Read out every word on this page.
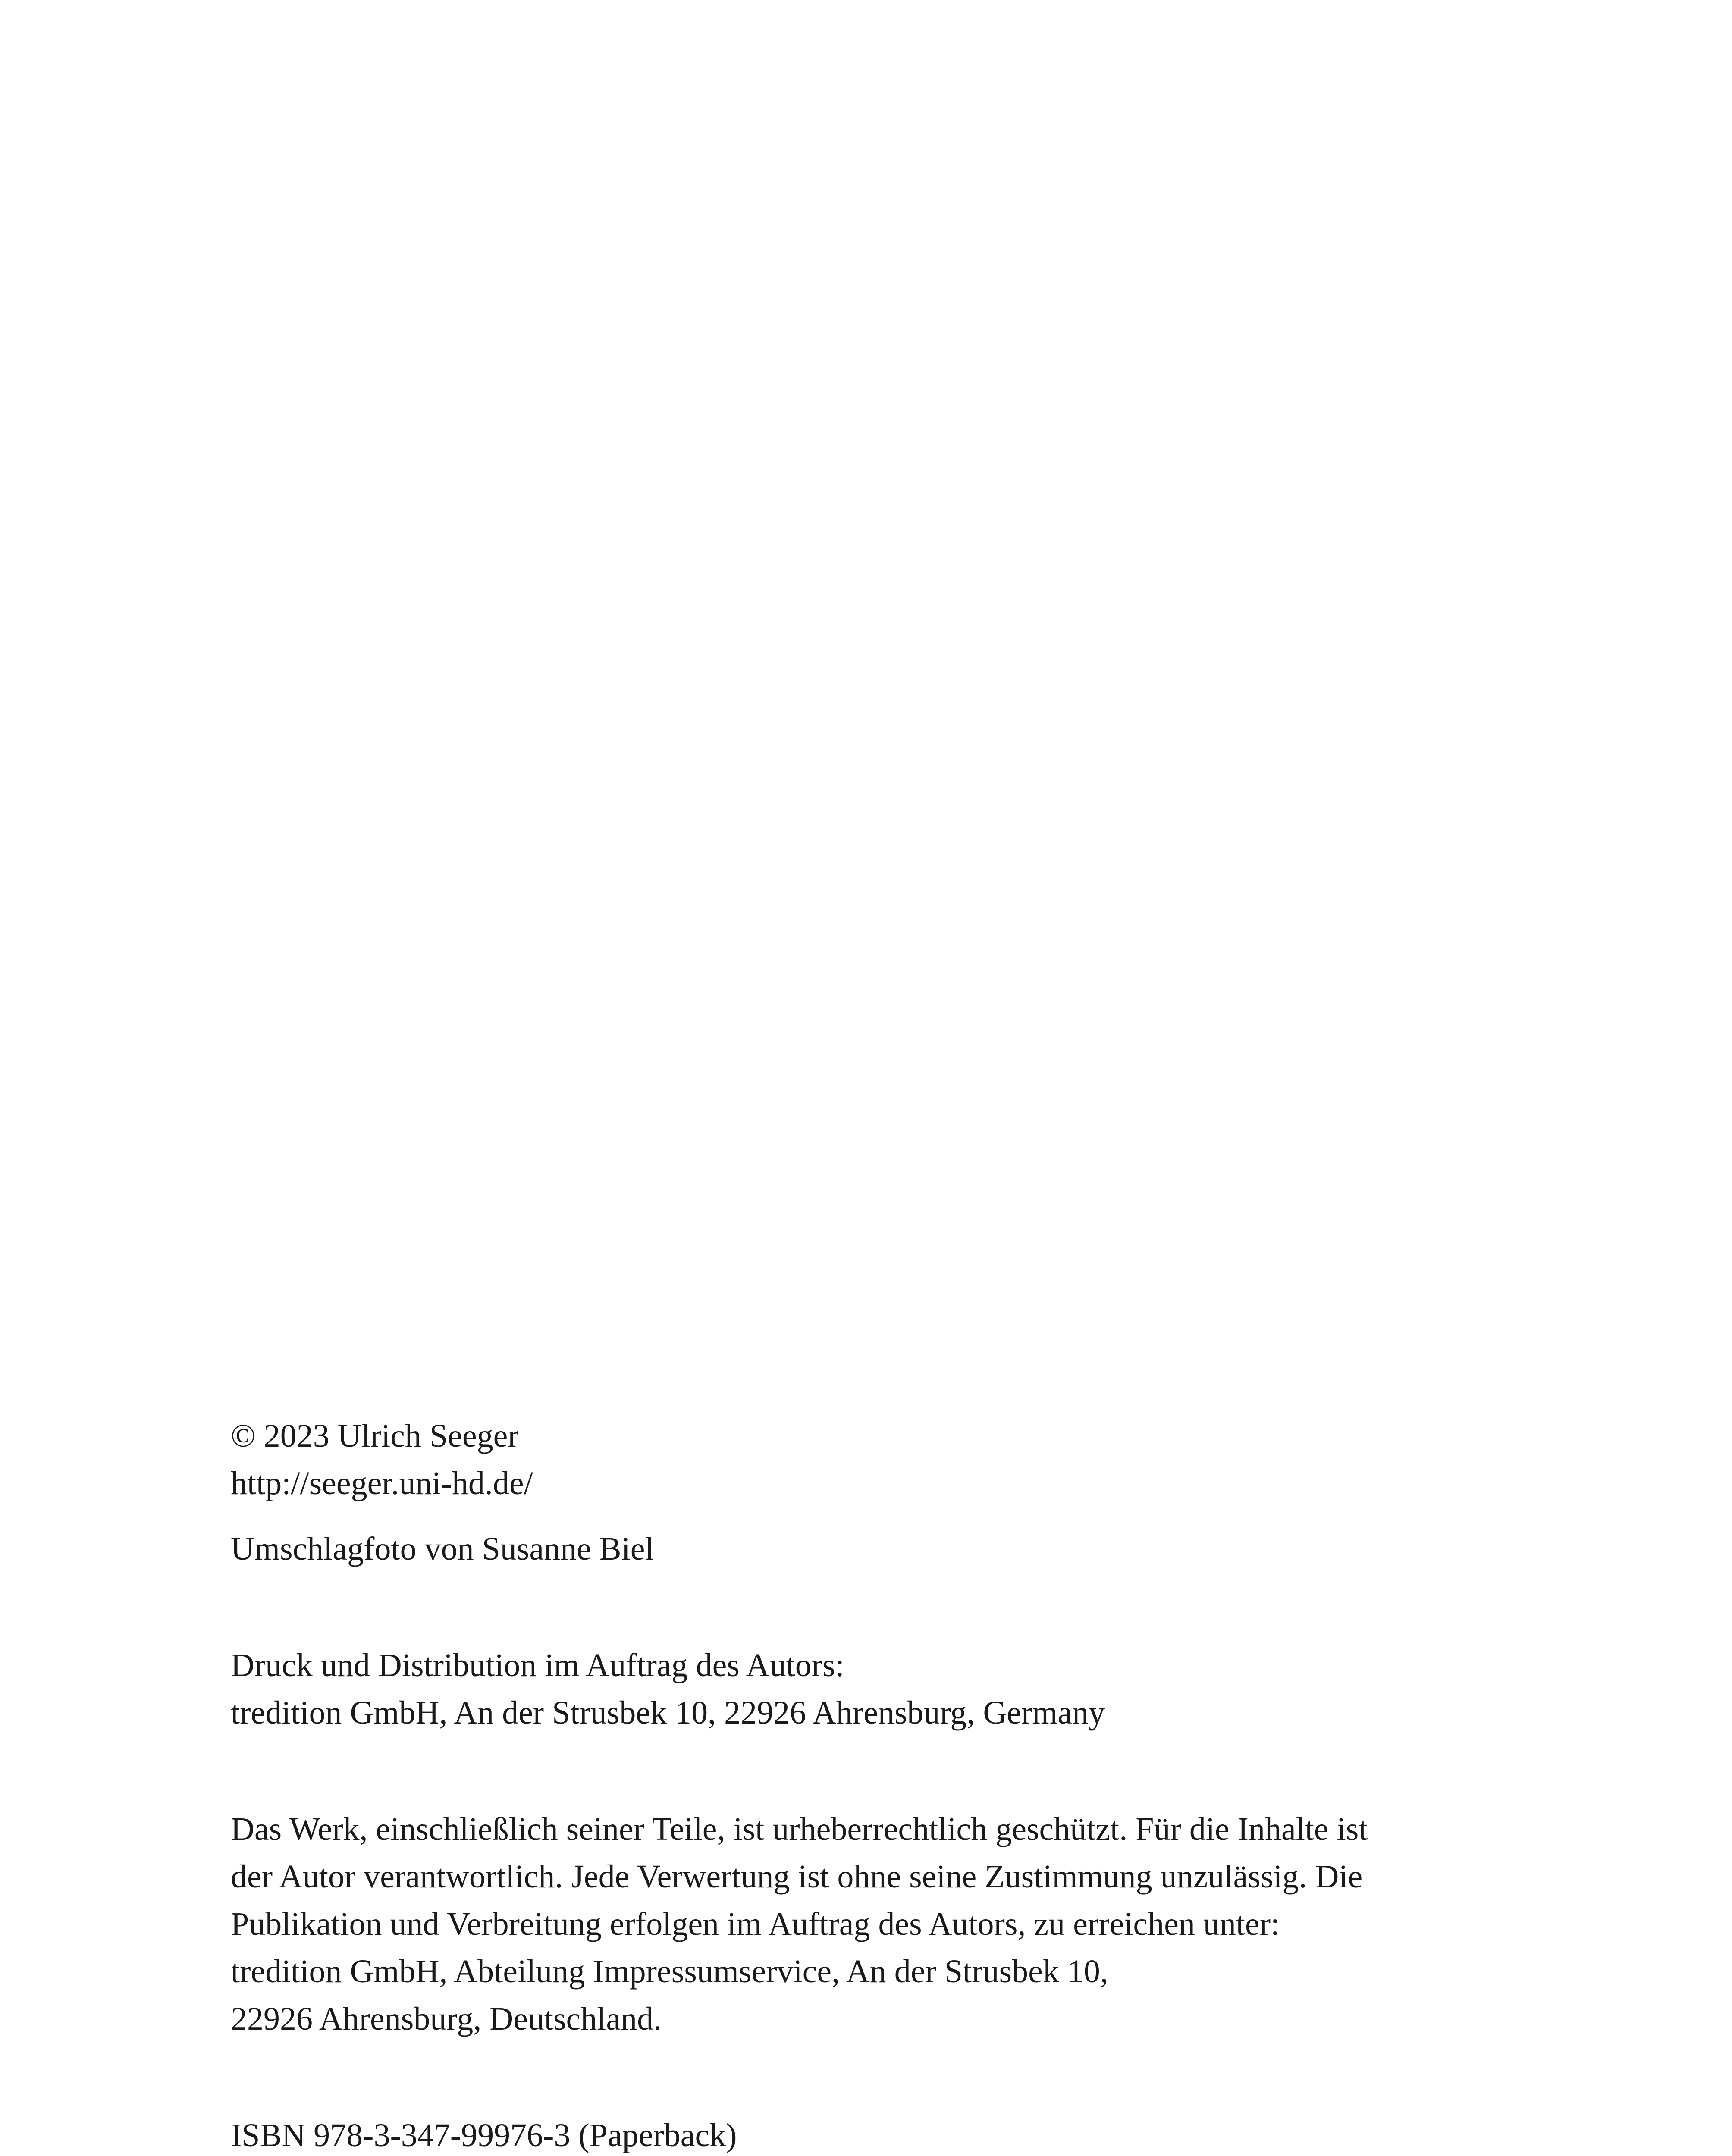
© 2023 Ulrich Seeger
http://seeger.uni-hd.de/

Umschlagfoto von Susanne Biel

Druck und Distribution im Auftrag des Autors:
tredition GmbH, An der Strusbek 10, 22926 Ahrensburg, Germany

Das Werk, einschließlich seiner Teile, ist urheberrechtlich geschützt. Für die Inhalte ist
der Autor verantwortlich. Jede Verwertung ist ohne seine Zustimmung unzulässig. Die
Publikation und Verbreitung erfolgen im Auftrag des Autors, zu erreichen unter:
tredition GmbH, Abteilung Impressumservice, An der Strusbek 10,
22926 Ahrensburg, Deutschland.

ISBN 978-3-347-99976-3 (Paperback)
